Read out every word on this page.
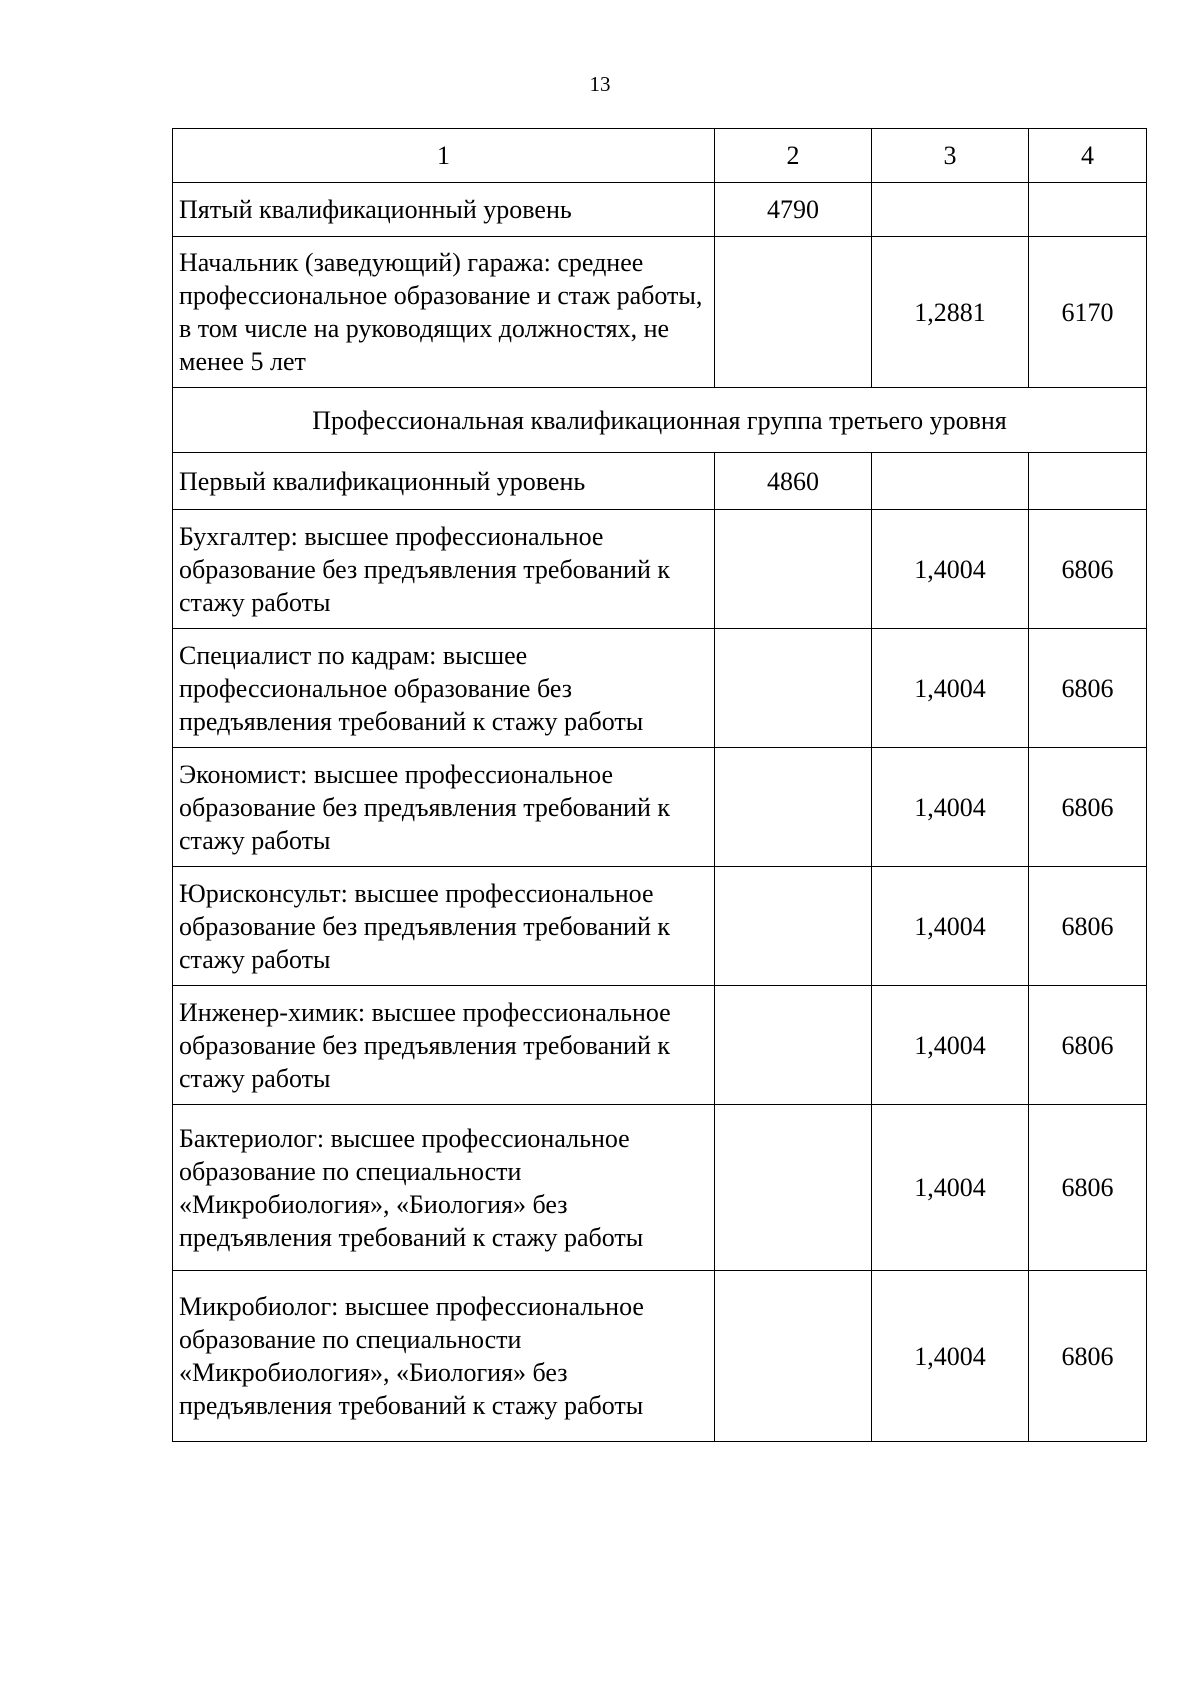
13
1	2	3	4
Пятый квалификационный уровень	4790		
Начальник (заведующий) гаража: среднее профессиональное образование и стаж работы, в том числе на руководящих должностях, не менее 5 лет		1,2881	6170
Профессиональная квалификационная группа третьего уровня			
Первый квалификационный уровень	4860		
Бухгалтер: высшее профессиональное образование без предъявления требований к стажу работы		1,4004	6806
Специалист по кадрам: высшее профессиональное образование без предъявления требований к стажу работы		1,4004	6806
Экономист: высшее профессиональное образование без предъявления требований к стажу работы		1,4004	6806
Юрисконсульт: высшее профессиональное образование без предъявления требований к стажу работы		1,4004	6806
Инженер-химик: высшее профессиональное образование без предъявления требований к стажу работы		1,4004	6806
Бактериолог: высшее профессиональное образование по специальности «Микробиология», «Биология» без предъявления требований к стажу работы		1,4004	6806
Микробиолог: высшее профессиональное образование по специальности «Микробиология», «Биология» без предъявления требований к стажу работы		1,4004	6806
